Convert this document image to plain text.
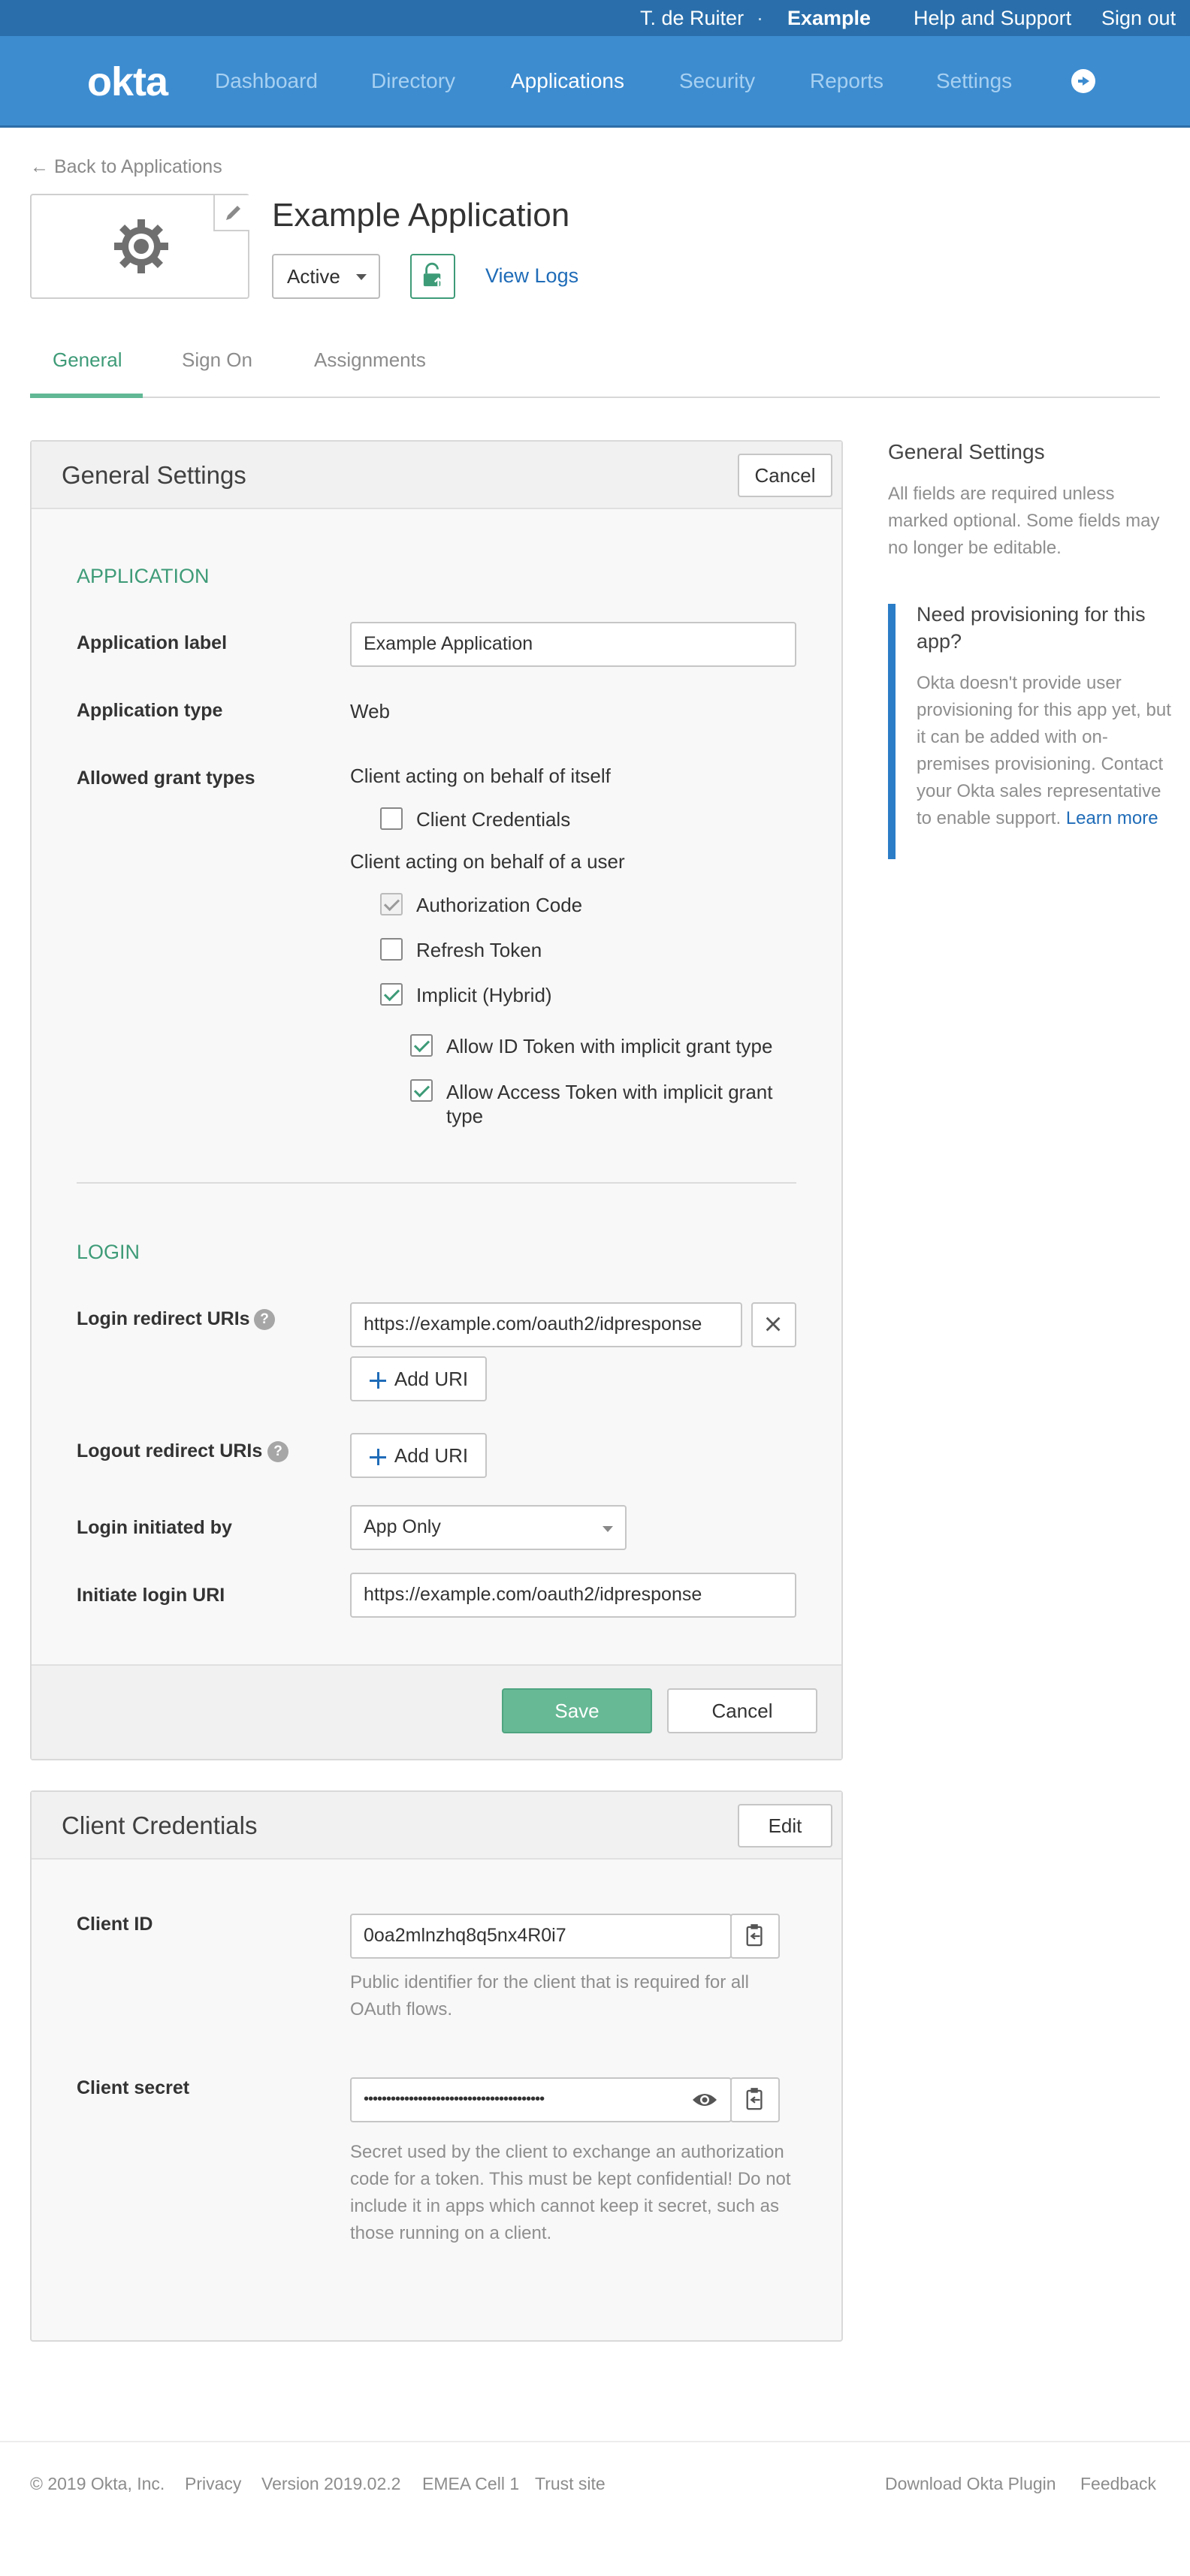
T. de Ruiter · Example Help and Support Sign out
okta Dashboard	Directory	Applications	Security	Reports Settings
← Back to Applications
Example Application
Active	View Logs
General	Sign On	Assignments
General Settings	Cancel
APPLICATION
Application label	Example Application
Application type	Web
Allowed grant types	Client acting on behalf of itself
Client Credentials
Client acting on behalf of a user
Authorization Code
Refresh Token
Implicit (Hybrid)
Allow ID Token with implicit grant type
Allow Access Token with implicit grant type
LOGIN
Login redirect URIs ?	https://example.com/oauth2/idpresponse
Add URI
Logout redirect URIs ?	Add URI
Login initiated by	App Only
Initiate login URI	https://example.com/oauth2/idpresponse
Save	Cancel
Client Credentials	Edit
Client ID
0oa2mlnzhq8q5nx4R0i7
Public identifier for the client that is required for all OAuth flows.
Client secret
••••••••••••••••••••••••••••••••••••••••
Secret used by the client to exchange an authorization code for a token. This must be kept confidential! Do not include it in apps which cannot keep it secret, such as those running on a client.
General Settings
All fields are required unless marked optional. Some fields may no longer be editable.
Need provisioning for this app?
Okta doesn't provide user provisioning for this app yet, but it can be added with on-premises provisioning. Contact your Okta sales representative to enable support. Learn more
© 2019 Okta, Inc. Privacy Version 2019.02.2 EMEA Cell 1 Trust site	Download Okta Plugin Feedback
